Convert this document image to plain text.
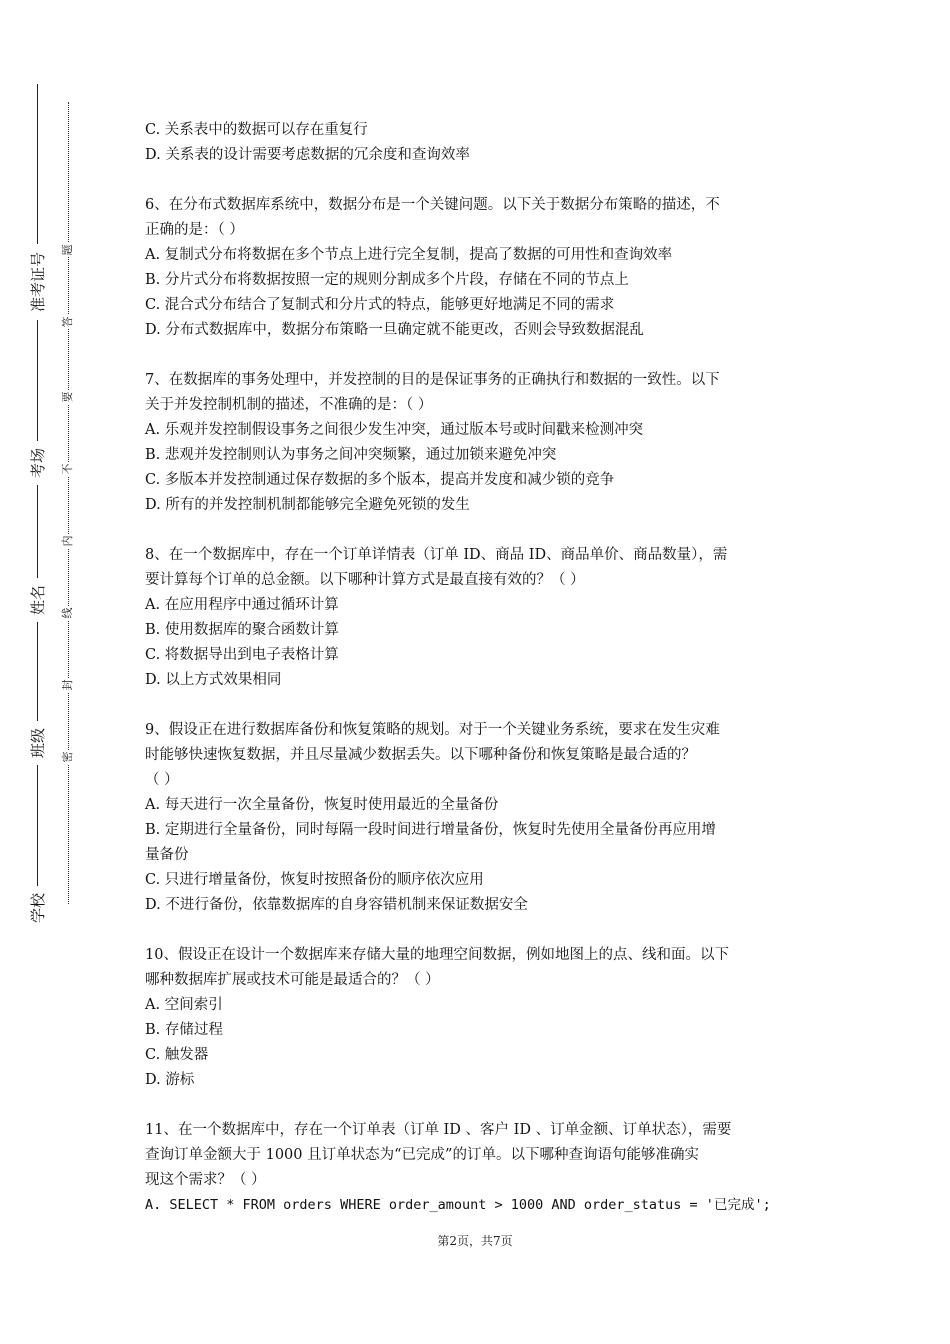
题
答
要
不
内
线
封
密
准考证号
考场
姓名
班级
学校

C. 关系表中的数据可以存在重复行

D. 关系表的设计需要考虑数据的冗余度和查询效率

6、在分布式数据库系统中，数据分布是一个关键问题。以下关于数据分布策略的描述，不

正确的是：（ ）

A. 复制式分布将数据在多个节点上进行完全复制，提高了数据的可用性和查询效率

B. 分片式分布将数据按照一定的规则分割成多个片段，存储在不同的节点上

C. 混合式分布结合了复制式和分片式的特点，能够更好地满足不同的需求

D. 分布式数据库中，数据分布策略一旦确定就不能更改，否则会导致数据混乱

7、在数据库的事务处理中，并发控制的目的是保证事务的正确执行和数据的一致性。以下

关于并发控制机制的描述，不准确的是：（ ）

A. 乐观并发控制假设事务之间很少发生冲突，通过版本号或时间戳来检测冲突

B. 悲观并发控制则认为事务之间冲突频繁，通过加锁来避免冲突

C. 多版本并发控制通过保存数据的多个版本，提高并发度和减少锁的竞争

D. 所有的并发控制机制都能够完全避免死锁的发生

8、在一个数据库中，存在一个订单详情表（订单 ID、商品 ID、商品单价、商品数量），需

要计算每个订单的总金额。以下哪种计算方式是最直接有效的？（ ）

A. 在应用程序中通过循环计算

B. 使用数据库的聚合函数计算

C. 将数据导出到电子表格计算

D. 以上方式效果相同

9、假设正在进行数据库备份和恢复策略的规划。对于一个关键业务系统，要求在发生灾难

时能够快速恢复数据，并且尽量减少数据丢失。以下哪种备份和恢复策略是最合适的？

（ ）

A. 每天进行一次全量备份，恢复时使用最近的全量备份

B. 定期进行全量备份，同时每隔一段时间进行增量备份，恢复时先使用全量备份再应用增

量备份

C. 只进行增量备份，恢复时按照备份的顺序依次应用

D. 不进行备份，依靠数据库的自身容错机制来保证数据安全

10、假设正在设计一个数据库来存储大量的地理空间数据，例如地图上的点、线和面。以下

哪种数据库扩展或技术可能是最适合的？（ ）

A. 空间索引

B. 存储过程

C. 触发器

D. 游标

11、在一个数据库中，存在一个订单表（订单 ID 、客户 ID 、订单金额、订单状态），需要

查询订单金额大于 1000 且订单状态为“已完成”的订单。以下哪种查询语句能够准确实

现这个需求？（ ）

A. SELECT * FROM orders WHERE order_amount > 1000 AND order_status = '已完成';

第2页，共7页
